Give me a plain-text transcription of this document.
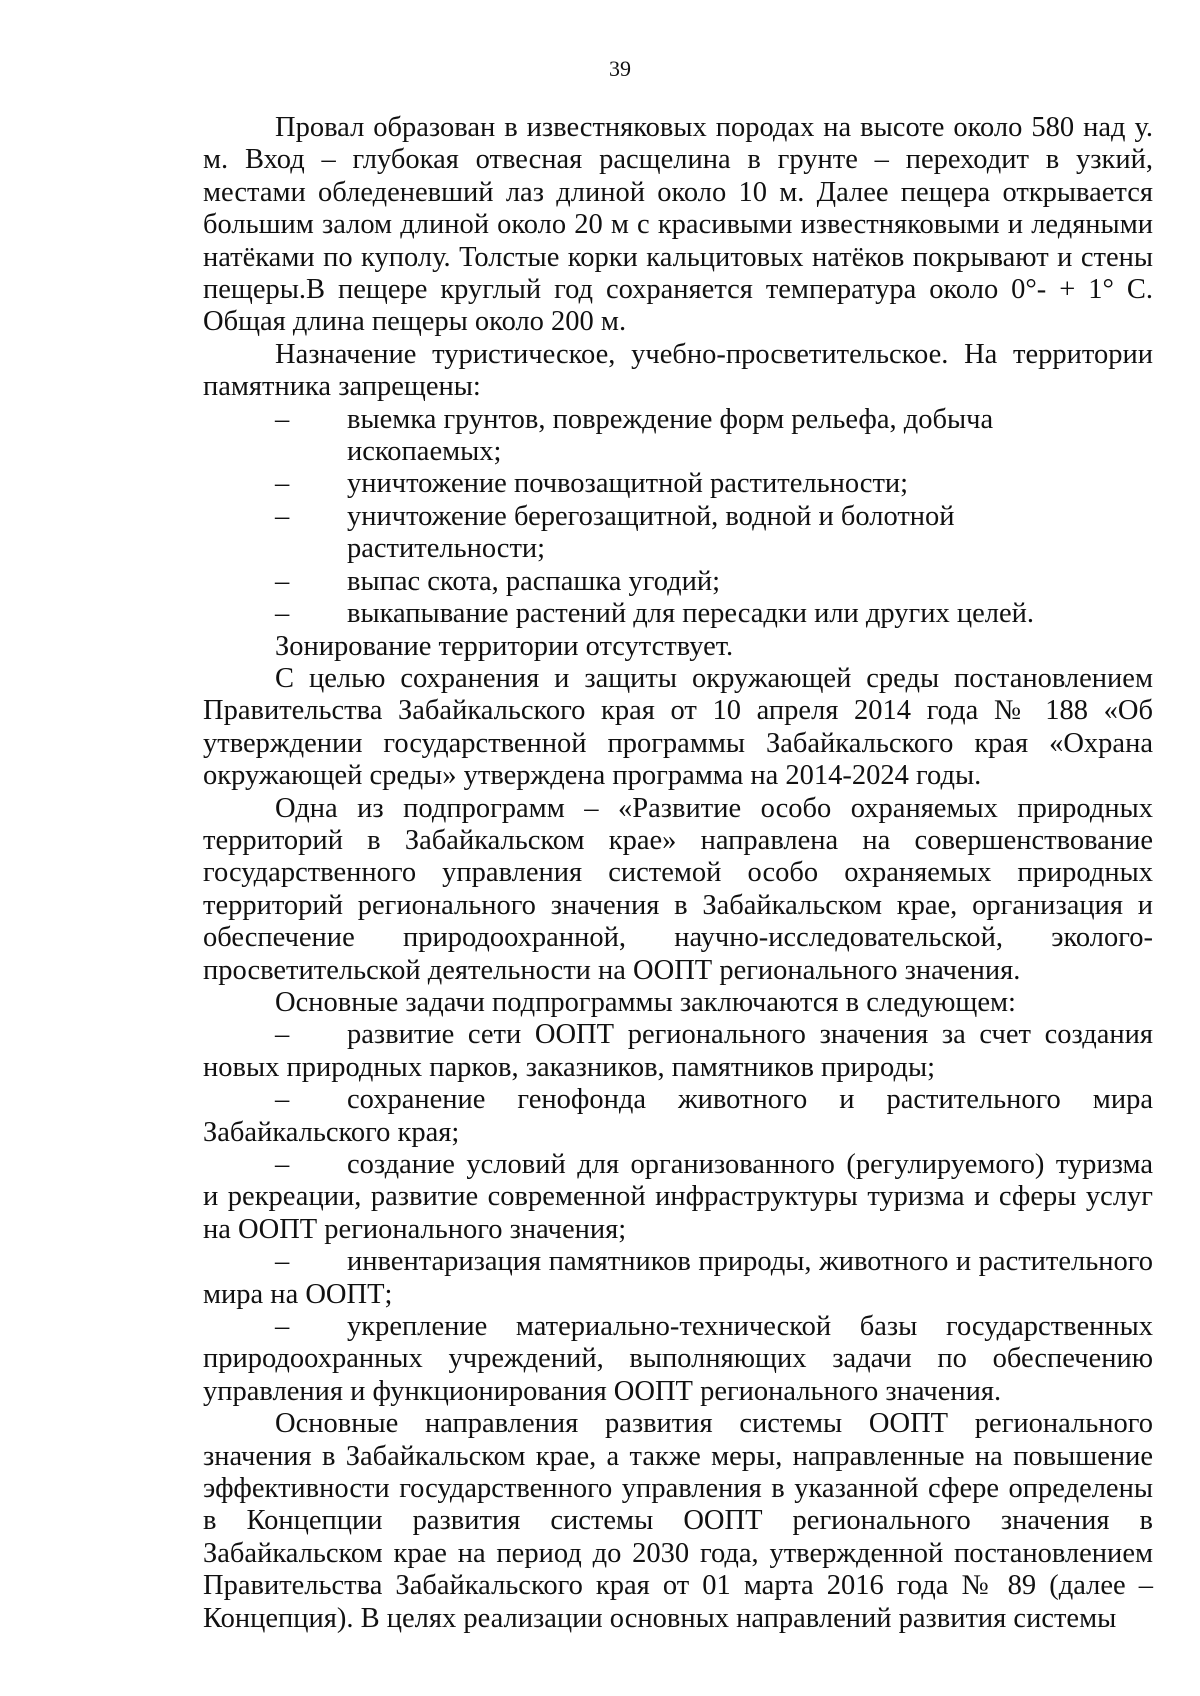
39

Провал образован в известняковых породах на высоте около 580 над у. м. Вход – глубокая отвесная расщелина в грунте – переходит в узкий, местами обледеневший лаз длиной около 10 м. Далее пещера открывается большим залом длиной около 20 м с красивыми известняковыми и ледяными натёками по куполу. Толстые корки кальцитовых натёков покрывают и стены пещеры.В пещере круглый год сохраняется температура около 0°- + 1° С. Общая длина пещеры около 200 м.

Назначение туристическое, учебно-просветительское. На территории памятника запрещены:

–	выемка грунтов, повреждение форм рельефа, добыча ископаемых;
–	уничтожение почвозащитной растительности;
–	уничтожение берегозащитной, водной и болотной растительности;
–	выпас скота, распашка угодий;
–	выкапывание растений для пересадки или других целей.

Зонирование территории отсутствует.

С целью сохранения и защиты окружающей среды постановлением Правительства Забайкальского края от 10 апреля 2014 года № 188 «Об утверждении государственной программы Забайкальского края «Охрана окружающей среды» утверждена программа на 2014-2024 годы.

Одна из подпрограмм – «Развитие особо охраняемых природных территорий в Забайкальском крае» направлена на совершенствование государственного управления системой особо охраняемых природных территорий регионального значения в Забайкальском крае, организация и обеспечение природоохранной, научно-исследовательской, эколого-просветительской деятельности на ООПТ регионального значения.

Основные задачи подпрограммы заключаются в следующем:

– развитие сети ООПТ регионального значения за счет создания новых природных парков, заказников, памятников природы;

– сохранение генофонда животного и растительного мира Забайкальского края;

– создание условий для организованного (регулируемого) туризма и рекреации, развитие современной инфраструктуры туризма и сферы услуг на ООПТ регионального значения;

– инвентаризация памятников природы, животного и растительного мира на ООПТ;

– укрепление материально-технической базы государственных природоохранных учреждений, выполняющих задачи по обеспечению управления и функционирования ООПТ регионального значения.

Основные направления развития системы ООПТ регионального значения в Забайкальском крае, а также меры, направленные на повышение эффективности государственного управления в указанной сфере определены в Концепции развития системы ООПТ регионального значения в Забайкальском крае на период до 2030 года, утвержденной постановлением Правительства Забайкальского края от 01 марта 2016 года № 89 (далее – Концепция). В целях реализации основных направлений развития системы
